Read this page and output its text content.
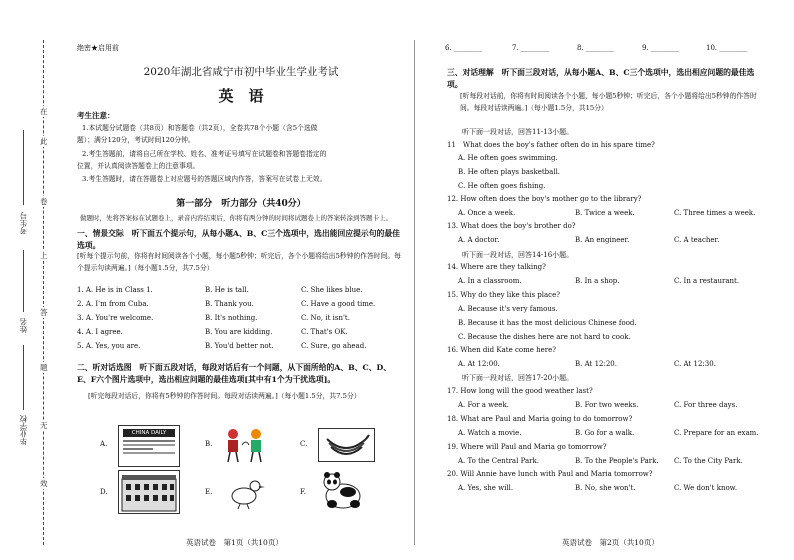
在
此
卷
上
答
题
无
效
考生号
姓名
毕业学校
绝密★启用前
2020年湖北省咸宁市初中毕业生学业考试
英　语
考生注意：
1.本试题分试题卷（共8页）和答题卷（共2页），全卷共78个小题（含5个选做
题）；满分120分，考试时间120分钟。
2.考生答题前，请将自己所在学校、姓名、准考证号填写在试题卷和答题卷指定的
位置，并认真阅读答题卷上的注意事项。
3.考生答题时，请在答题卷上对应题号的答题区域内作答，答案写在试卷上无效。
第一部分　听力部分（共40分）
做题时，先将答案标在试题卷上，录音内容结束后，你将有两分钟的时间将试题卷上的答案转涂到答题卡上。
一、情景交际　听下面五个提示句，从每小题A、B、C三个选项中，选出能回应提示句的最佳选项。
[听每个提示句前，你将有时间阅读各个小题，每小题5秒钟；听完后，各个小题将给出5秒钟的作答时间。每个提示句读两遍。]（每小题1.5分，共7.5分）
1. A. He is in Class 1.	B. He is tall.	C. She likes blue.
2. A. I'm from Cuba.	B. Thank you.	C. Have a good time.
3. A. You're welcome.	B. It's nothing.	C. No, it isn't.
4. A. I agree.	B. You are kidding.	C. That's OK.
5. A. Yes, you are.	B. You'd better not.	C. Sure, go ahead.
二、听对话选图　听下面五段对话，每段对话后有一个问题，从下面所给的A、B、C、D、E、F六个图片选项中，选出相应问题的最佳选项[其中有1个为干扰选项]。
[听完每段对话后，你将有5秒钟的作答时间。每段对话读两遍。]（每小题1.5分，共7.5分）
A.
CHINA DAILY
B.	C.
D.	E.	F.
英语试卷　第1页（共10页）
6. ________	7. ________	8. ________	9. ________	10. ________
三、对话理解　听下面三段对话，从每小题A、B、C三个选项中，选出相应问题的最佳选项。
[听每段对话前，你将有时间阅读各个小题，每小题5秒钟；听完后，各个小题将给出5秒钟的作答时间。每段对话读两遍。]（每小题1.5分，共15分）
听下面一段对话，回答11-13小题。
11　What does the boy's father often do in his spare time?
A. He often goes swimming.
B. He often plays basketball.
C. He often goes fishing.
12. How often does the boy's mother go to the library?
A. Once a week.	B. Twice a week.	C. Three times a week.
13. What does the boy's brother do?
A. A doctor.	B. An engineer.	C. A teacher.
听下面一段对话，回答14-16小题。
14. Where are they talking?
A. In a classroom.	B. In a shop.	C. In a restaurant.
15. Why do they like this place?
A. Because it's very famous.
B. Because it has the most delicious Chinese food.
C. Because the dishes here are not hard to cook.
16. When did Kate come here?
A. At 12:00.	B. At 12:20.	C. At 12:30.
听下面一段对话，回答17-20小题。
17. How long will the good weather last?
A. For a week.	B. For two weeks.	C. For three days.
18. What are Paul and Maria going to do tomorrow?
A. Watch a movie.	B. Go for a walk.	C. Prepare for an exam.
19. Where will Paul and Maria go tomorrow?
A. To the Central Park.	B. To the People's Park. C. To the City Park.
20. Will Annie have lunch with Paul and Maria tomorrow?
A. Yes, she will.	B. No, she won't.	C. We don't know.
英语试卷　第2页（共10页）
